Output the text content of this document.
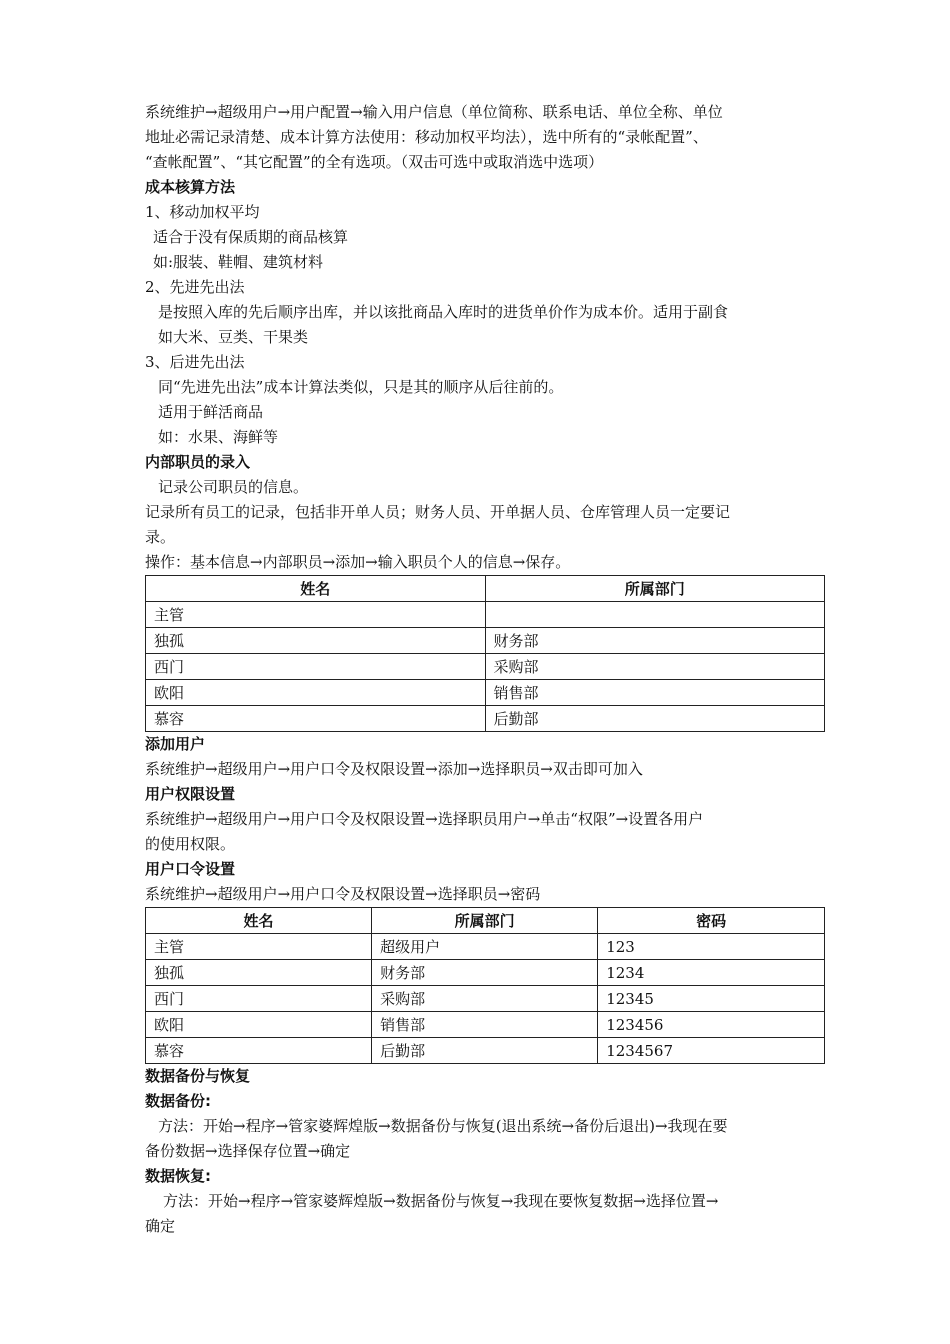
系统维护→超级用户→用户配置→输入用户信息（单位简称、联系电话、单位全称、单位

地址必需记录清楚、成本计算方法使用：移动加权平均法），选中所有的“录帐配置”、

“查帐配置”、“其它配置”的全有选项。（双击可选中或取消选中选项）

成本核算方法

1、移动加权平均

适合于没有保质期的商品核算

如:服装、鞋帽、建筑材料

2、先进先出法

是按照入库的先后顺序出库，并以该批商品入库时的进货单价作为成本价。适用于副食

如大米、豆类、干果类

3、后进先出法

同“先进先出法”成本计算法类似，只是其的顺序从后往前的。

适用于鲜活商品

如：水果、海鲜等

内部职员的录入

记录公司职员的信息。

记录所有员工的记录，包括非开单人员；财务人员、开单据人员、仓库管理人员一定要记

录。

操作：基本信息→内部职员→添加→输入职员个人的信息→保存。

姓名	所属部门
主管	
独孤	财务部
西门	采购部
欧阳	销售部
慕容	后勤部

添加用户

系统维护→超级用户→用户口令及权限设置→添加→选择职员→双击即可加入

用户权限设置

系统维护→超级用户→用户口令及权限设置→选择职员用户→单击“权限”→设置各用户

的使用权限。

用户口令设置

系统维护→超级用户→用户口令及权限设置→选择职员→密码

姓名	所属部门	密码
主管	超级用户	123
独孤	财务部	1234
西门	采购部	12345
欧阳	销售部	123456
慕容	后勤部	1234567

数据备份与恢复

数据备份:

方法：开始→程序→管家婆辉煌版→数据备份与恢复(退出系统→备份后退出)→我现在要

备份数据→选择保存位置→确定

数据恢复:

方法：开始→程序→管家婆辉煌版→数据备份与恢复→我现在要恢复数据→选择位置→

确定
